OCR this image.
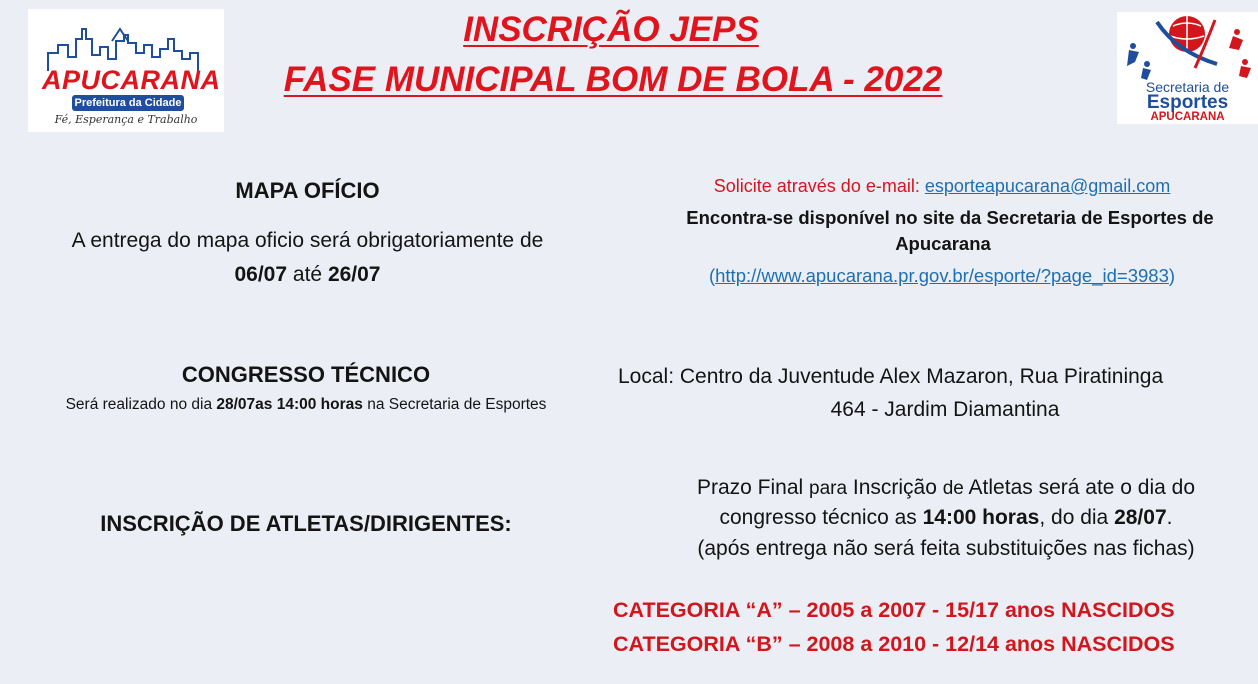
APUCARANA
Prefeitura da Cidade
Fé, Esperança e Trabalho
INSCRIÇÃO JEPS
FASE MUNICIPAL BOM DE BOLA - 2022	Secretaria de
Esportes
APUCARANA
MAPA OFÍCIO
A entrega do mapa oficio será obrigatoriamente de
06/07 até 26/07
Solicite através do e-mail: esporteapucarana@gmail.com
Encontra-se disponível no site da Secretaria de Esportes de
Apucarana
(http://www.apucarana.pr.gov.br/esporte/?page_id=3983)
CONGRESSO TÉCNICO
Será realizado no dia 28/07as 14:00 horas na Secretaria de Esportes
Local: Centro da Juventude Alex Mazaron, Rua Piratininga
464 - Jardim Diamantina
INSCRIÇÃO DE ATLETAS/DIRIGENTES:
Prazo Final para Inscrição de Atletas será ate o dia do
congresso técnico as 14:00 horas, do dia 28/07.
(após entrega não será feita substituições nas fichas)
CATEGORIA “A” – 2005 a 2007 - 15/17 anos NASCIDOS
CATEGORIA “B” – 2008 a 2010 - 12/14 anos NASCIDOS
